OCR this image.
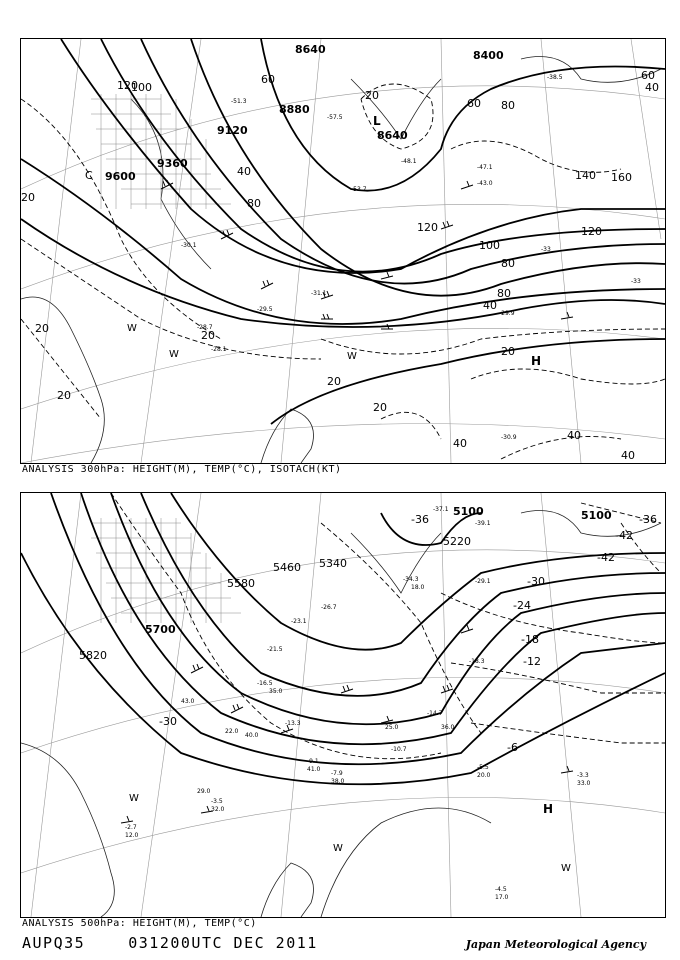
8640	8400
8880
9120
9360
9600
8640
20
20
20
20
20
20
20
20
40
40
40
40
40
40
60
60
60
80
80
80
80
100
100
120
120	120
140 160
-29.9
-30.1
-28.7
-28.1
-30.9
-31.1
-29.5
-47.1
-48.1
-53.7
-57.5
-43.0
-33
-33
-38.5
-51.3
H
L
C
W
W	W
ANALYSIS 300hPa: HEIGHT(M), TEMP(°C), ISOTACH(KT)
5100	5100
5220
5340
5460
5580
5700
5820
-42
-42
-36	-36
-30
-30
-24
-18
-12
-6
-10.7
-18.3
-21.5
-23.1
-26.7
-29.1
-34.3
-37.1
-39.1
-5.5
-3.3
-4.5
-2.7
-3.5
-7.9
-9.1
-13.3
-14.7
-16.5
20.0
33.0
17.0
12.0
32.0
38.0
41.0
40.0
43.0
22.0
25.0
29.0
35.0
36.0
18.0
H
W
W
W
ANALYSIS 500hPa: HEIGHT(M), TEMP(°C)
AUPQ35	031200UTC DEC 2011	Japan Meteorological Agency
